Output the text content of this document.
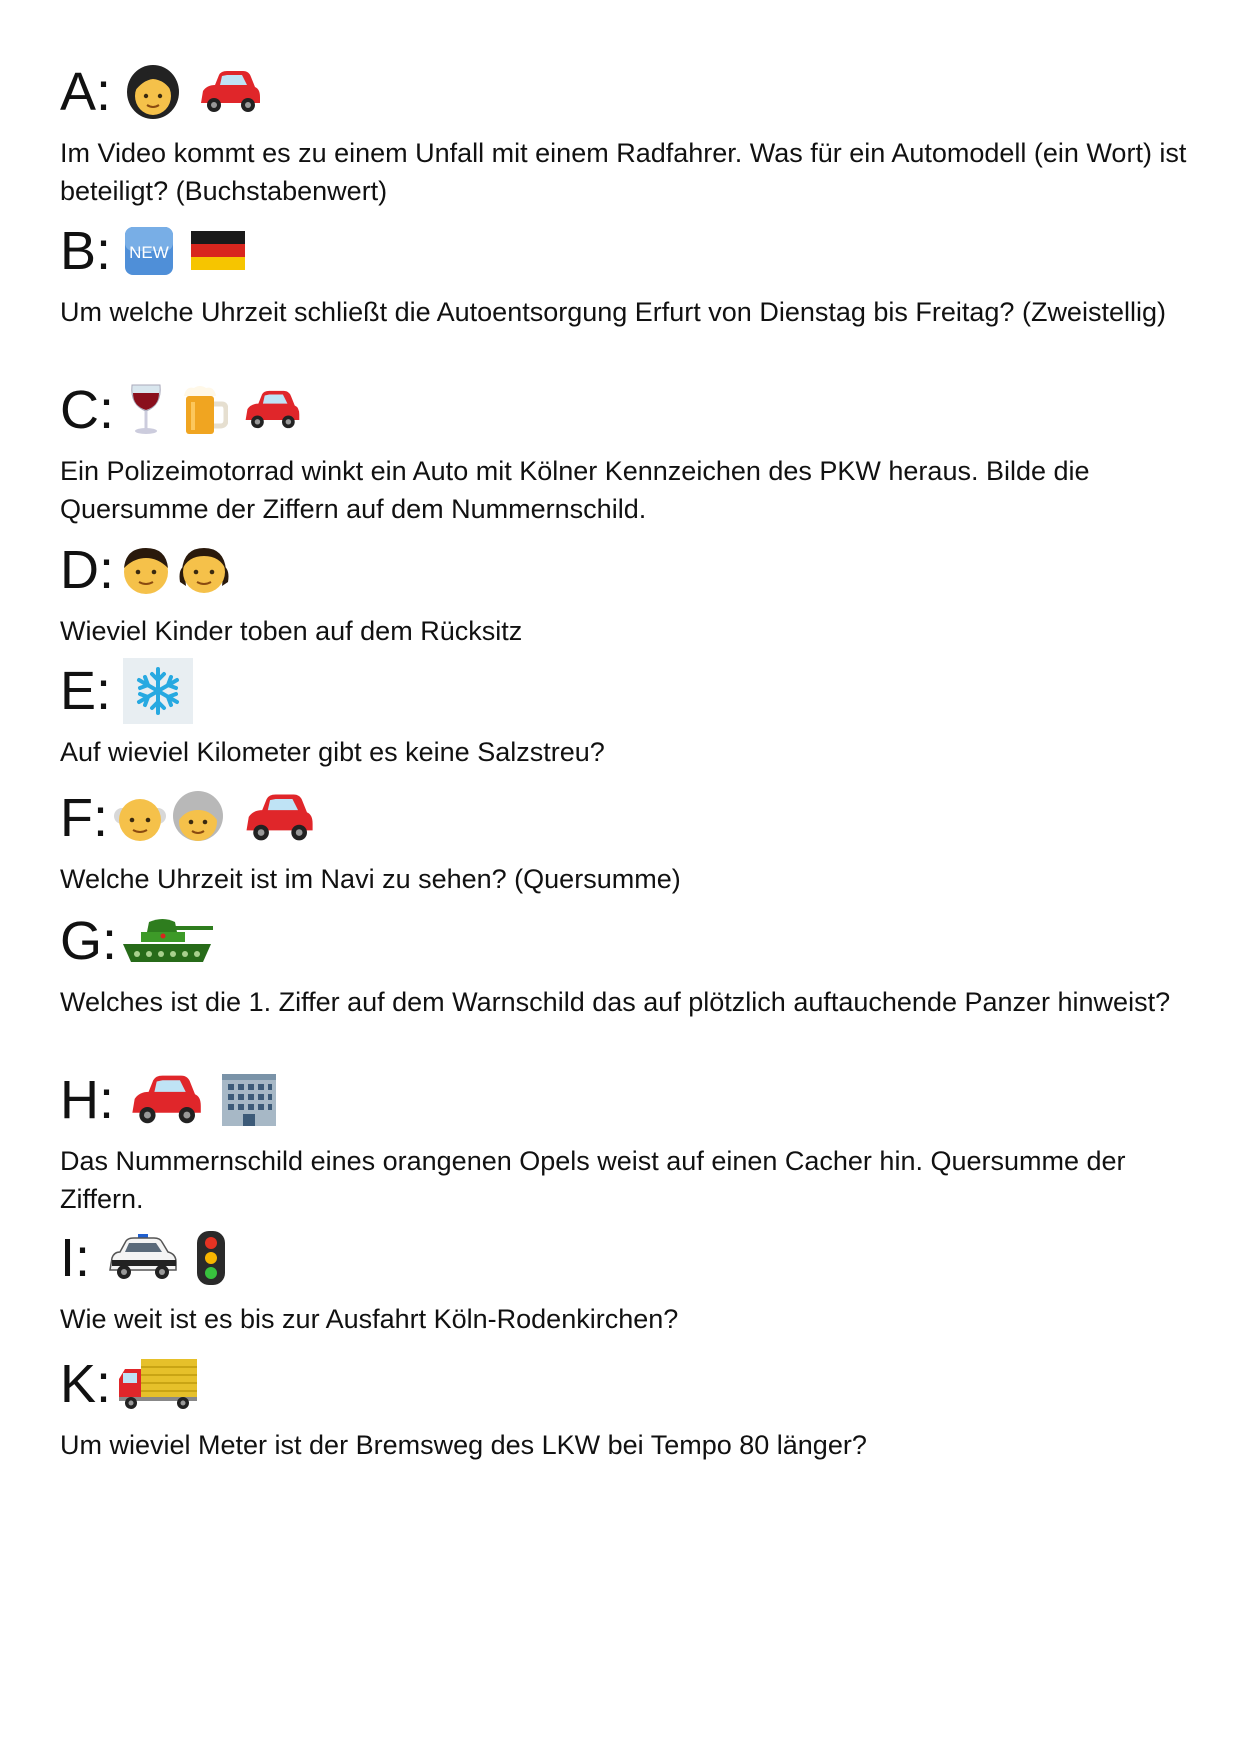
A:
Im Video kommt es zu einem Unfall mit einem Radfahrer. Was für ein Automodell (ein Wort) ist beteiligt? (Buchstabenwert)
B: NEW
Um welche Uhrzeit schließt die Autoentsorgung Erfurt von Dienstag bis Freitag? (Zweistellig)
C:
Ein Polizeimotorrad winkt ein Auto mit Kölner Kennzeichen des PKW heraus. Bilde die Quersumme der Ziffern auf dem Nummernschild.
D:
Wieviel Kinder toben auf dem Rücksitz
E:
Auf wieviel Kilometer gibt es keine Salzstreu?
F:
Welche Uhrzeit ist im Navi zu sehen? (Quersumme)
G:
Welches ist die 1. Ziffer auf dem Warnschild das auf plötzlich auftauchende Panzer hinweist?
H:
Das Nummernschild eines orangenen Opels weist auf einen Cacher hin. Quersumme der Ziffern.
I:
Wie weit ist es bis zur Ausfahrt Köln-Rodenkirchen?
K:
Um wieviel Meter ist der Bremsweg des LKW bei Tempo 80 länger?
